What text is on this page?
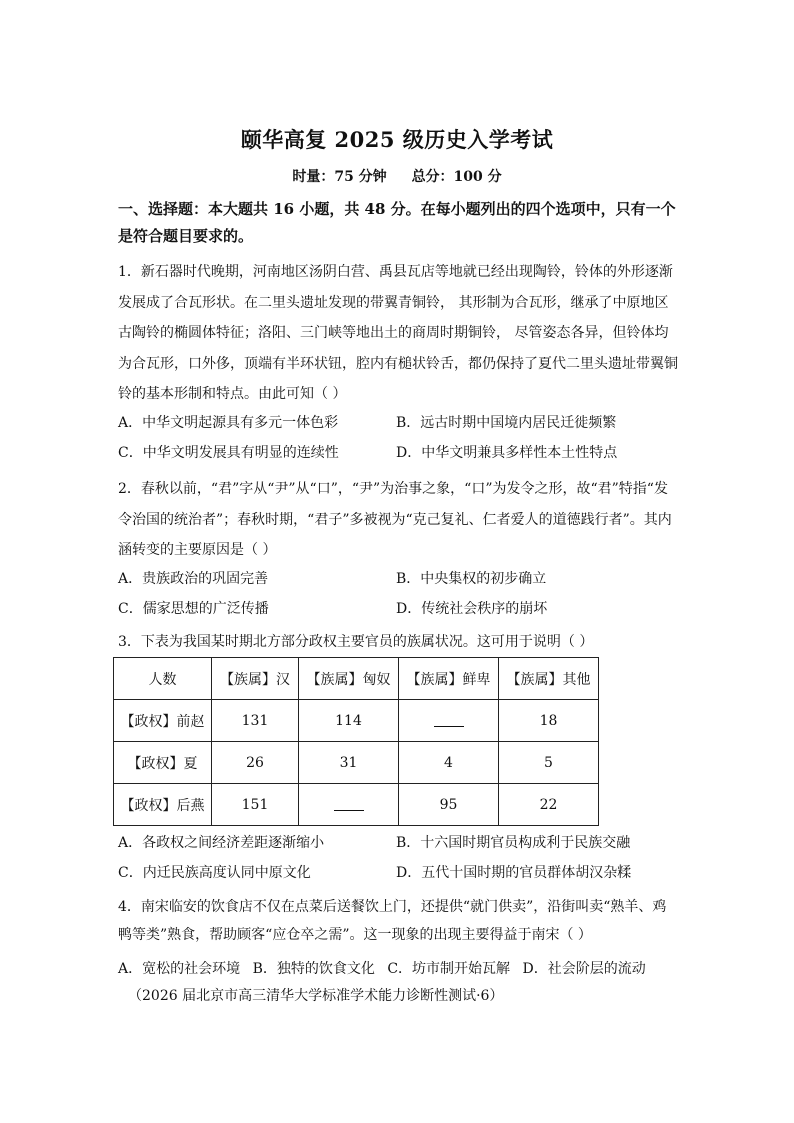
颐华高复 2025 级历史入学考试
时量：75 分钟 总分：100 分
一、选择题：本大题共 16 小题，共 48 分。在每小题列出的四个选项中，只有一个是符合题目要求的。
1．新石器时代晚期，河南地区汤阴白营、禹县瓦店等地就已经出现陶铃，铃体的外形逐渐发展成了合瓦形状。在二里头遗址发现的带翼青铜铃， 其形制为合瓦形，继承了中原地区古陶铃的椭圆体特征；洛阳、三门峡等地出土的商周时期铜铃， 尽管姿态各异，但铃体均为合瓦形，口外侈，顶端有半环状钮，腔内有槌状铃舌，都仍保持了夏代二里头遗址带翼铜铃的基本形制和特点。由此可知（ ）
A．中华文明起源具有多元一体色彩	B．远古时期中国境内居民迁徙频繁
C．中华文明发展具有明显的连续性	D．中华文明兼具多样性本土性特点
2．春秋以前，“君”字从“尹”从“口”，“尹”为治事之象，“口”为发令之形，故“君”特指“发令治国的统治者”；春秋时期，“君子”多被视为“克己复礼、仁者爱人的道德践行者”。其内涵转变的主要原因是（ ）
A．贵族政治的巩固完善	B．中央集权的初步确立
C．儒家思想的广泛传播	D．传统社会秩序的崩坏
3．下表为我国某时期北方部分政权主要官员的族属状况。这可用于说明（ ）
人数	【族属】汉	【族属】匈奴	【族属】鲜卑	【族属】其他
【政权】前赵	131	114		18
【政权】夏	26	31	4	5
【政权】后燕	151		95	22
A．各政权之间经济差距逐渐缩小	B．十六国时期官员构成利于民族交融
C．内迁民族高度认同中原文化	D．五代十国时期的官员群体胡汉杂糅
4．南宋临安的饮食店不仅在点菜后送餐饮上门，还提供“就门供卖”，沿街叫卖“熟羊、鸡鸭等类”熟食，帮助顾客“应仓卒之需”。这一现象的出现主要得益于南宋（ ）
A．宽松的社会环境 B．独特的饮食文化 C．坊市制开始瓦解 D．社会阶层的流动
（2026 届北京市高三清华大学标准学术能力诊断性测试·6）
